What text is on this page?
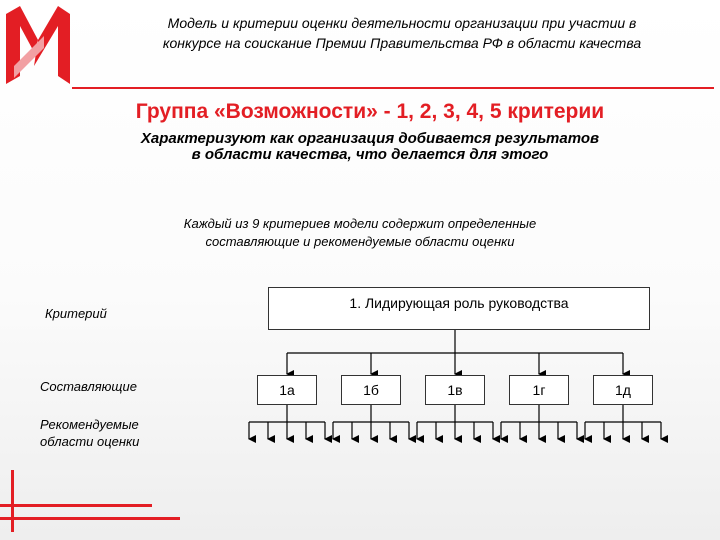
Модель и критерии оценки деятельности организации при участии в
конкурсе на соискание Премии Правительства РФ в области качества
Группа «Возможности» - 1, 2, 3, 4, 5 критерии
Характеризуют как организация добивается результатов
в области качества, что делается для этого
Каждый из 9 критериев модели содержит определенные
составляющие и рекомендуемые области оценки
Критерий
Составляющие
Рекомендуемые
области оценки
1. Лидирующая роль руководства
1а	1б	1в	1г	1д
